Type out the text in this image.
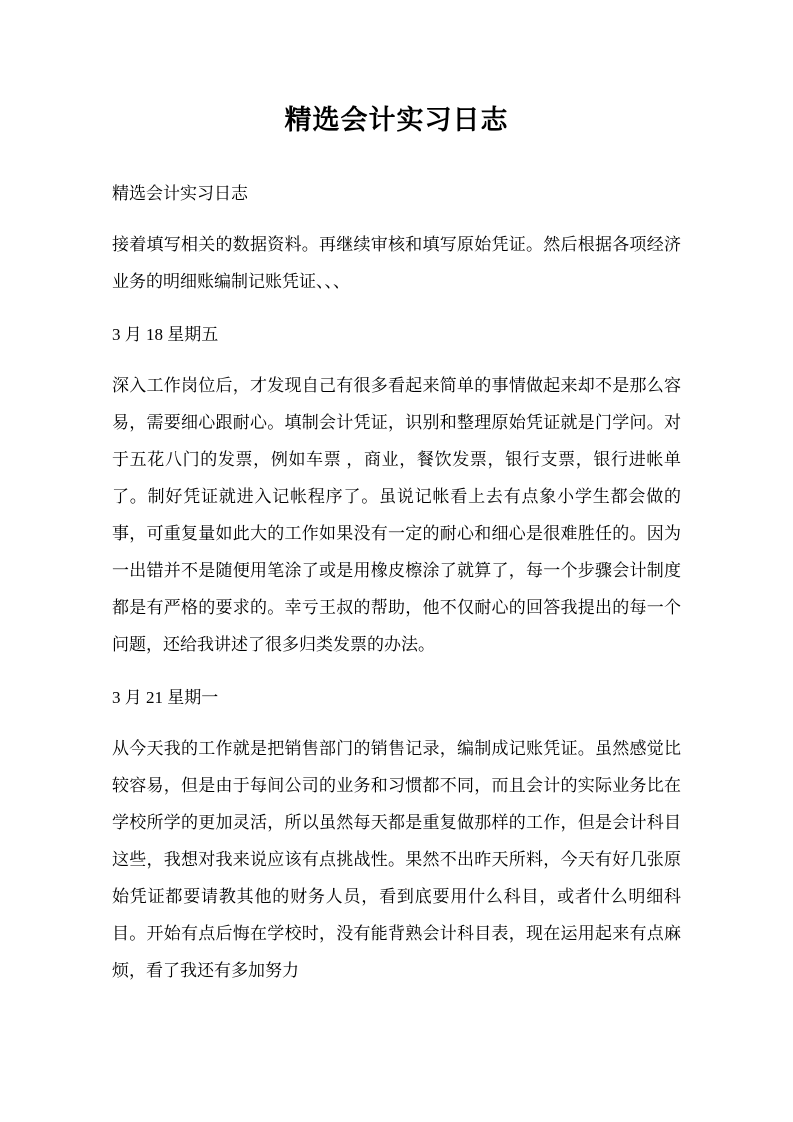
精选会计实习日志

精选会计实习日志

接着填写相关的数据资料。再继续审核和填写原始凭证。然后根据各项经济业务的明细账编制记账凭证、、、

3 月 18 星期五

深入工作岗位后，才发现自己有很多看起来简单的事情做起来却不是那么容易，需要细心跟耐心。填制会计凭证，识别和整理原始凭证就是门学问。对于五花八门的发票，例如车票 ，商业，餐饮发票，银行支票，银行进帐单了。制好凭证就进入记帐程序了。虽说记帐看上去有点象小学生都会做的事，可重复量如此大的工作如果没有一定的耐心和细心是很难胜任的。因为一出错并不是随便用笔涂了或是用橡皮檫涂了就算了，每一个步骤会计制度都是有严格的要求的。幸亏王叔的帮助，他不仅耐心的回答我提出的每一个问题，还给我讲述了很多归类发票的办法。

3 月 21 星期一

从今天我的工作就是把销售部门的销售记录，编制成记账凭证。虽然感觉比较容易，但是由于每间公司的业务和习惯都不同，而且会计的实际业务比在学校所学的更加灵活，所以虽然每天都是重复做那样的工作，但是会计科目这些，我想对我来说应该有点挑战性。果然不出昨天所料，今天有好几张原始凭证都要请教其他的财务人员，看到底要用什么科目，或者什么明细科目。开始有点后悔在学校时，没有能背熟会计科目表，现在运用起来有点麻烦，看了我还有多加努力
